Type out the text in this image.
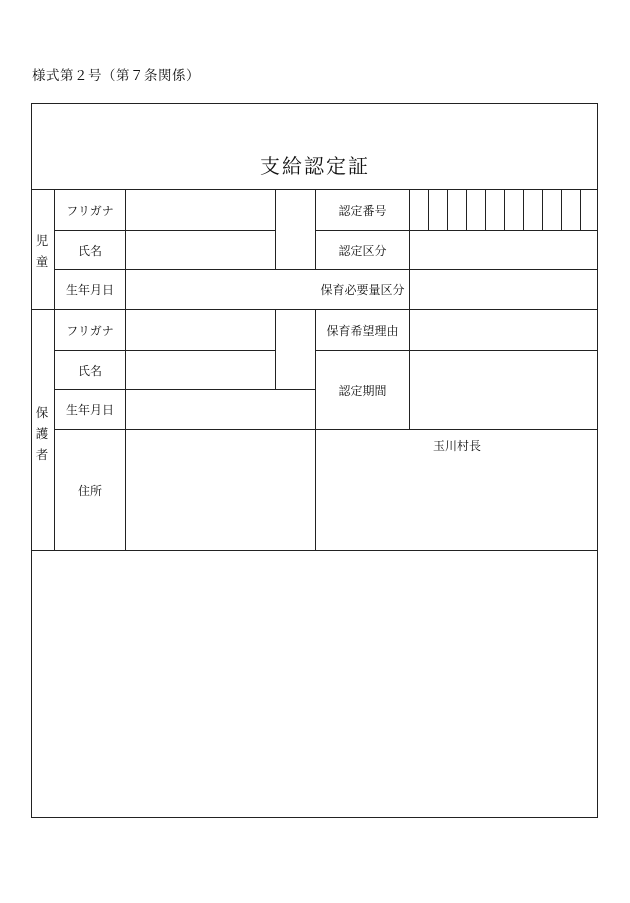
様式第２号（第７条関係）
支給認定証
児童
フリガナ
氏名
生年月日
認定番号
認定区分
保育必要量区分
保育希望理由
認定期間
保護者
フリガナ
氏名
生年月日
住所
玉川村長
